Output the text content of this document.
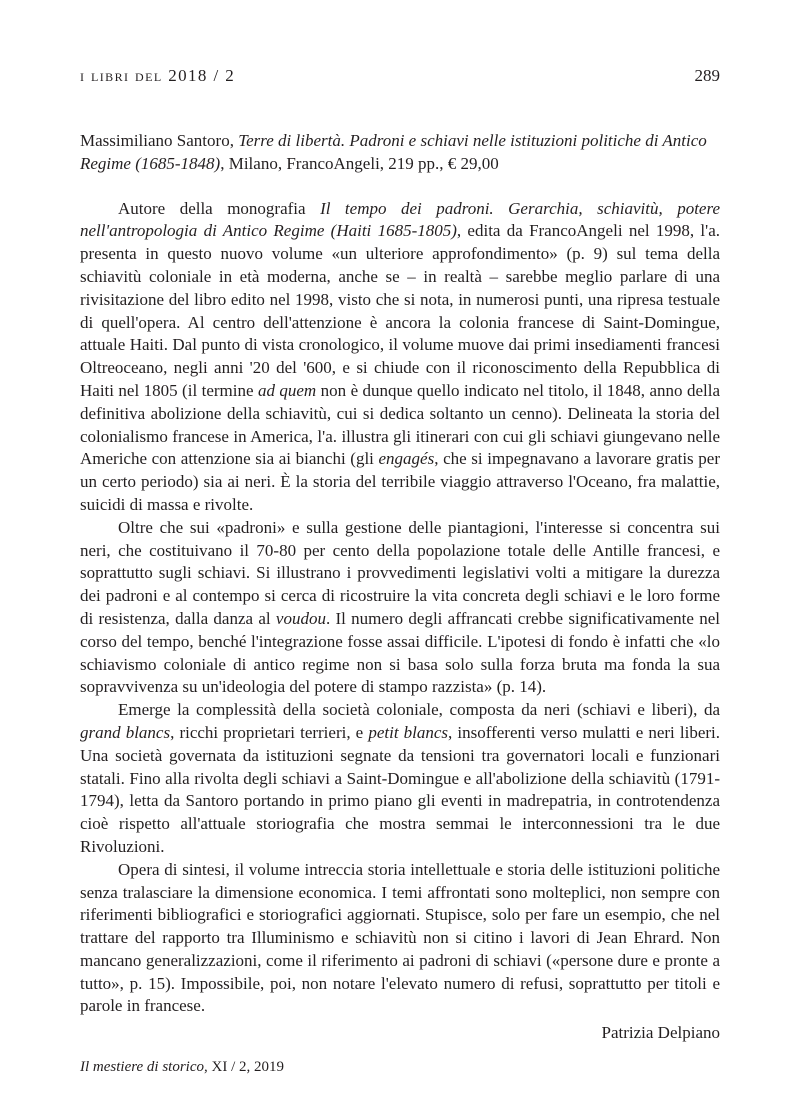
i libri del 2018 / 2	289

Massimiliano Santoro, Terre di libertà. Padroni e schiavi nelle istituzioni politiche di Antico Regime (1685-1848), Milano, FrancoAngeli, 219 pp., € 29,00

Autore della monografia Il tempo dei padroni. Gerarchia, schiavitù, potere nell'antropologia di Antico Regime (Haiti 1685-1805), edita da FrancoAngeli nel 1998, l'a. presenta in questo nuovo volume «un ulteriore approfondimento» (p. 9) sul tema della schiavitù coloniale in età moderna, anche se – in realtà – sarebbe meglio parlare di una rivisitazione del libro edito nel 1998, visto che si nota, in numerosi punti, una ripresa testuale di quell'opera. Al centro dell'attenzione è ancora la colonia francese di Saint-Domingue, attuale Haiti. Dal punto di vista cronologico, il volume muove dai primi insediamenti francesi Oltreoceano, negli anni '20 del '600, e si chiude con il riconoscimento della Repubblica di Haiti nel 1805 (il termine ad quem non è dunque quello indicato nel titolo, il 1848, anno della definitiva abolizione della schiavitù, cui si dedica soltanto un cenno). Delineata la storia del colonialismo francese in America, l'a. illustra gli itinerari con cui gli schiavi giungevano nelle Americhe con attenzione sia ai bianchi (gli engagés, che si impegnavano a lavorare gratis per un certo periodo) sia ai neri. È la storia del terribile viaggio attraverso l'Oceano, fra malattie, suicidi di massa e rivolte.

Oltre che sui «padroni» e sulla gestione delle piantagioni, l'interesse si concentra sui neri, che costituivano il 70-80 per cento della popolazione totale delle Antille francesi, e soprattutto sugli schiavi. Si illustrano i provvedimenti legislativi volti a mitigare la durezza dei padroni e al contempo si cerca di ricostruire la vita concreta degli schiavi e le loro forme di resistenza, dalla danza al voudou. Il numero degli affrancati crebbe significativamente nel corso del tempo, benché l'integrazione fosse assai difficile. L'ipotesi di fondo è infatti che «lo schiavismo coloniale di antico regime non si basa solo sulla forza bruta ma fonda la sua sopravvivenza su un'ideologia del potere di stampo razzista» (p. 14).

Emerge la complessità della società coloniale, composta da neri (schiavi e liberi), da grand blancs, ricchi proprietari terrieri, e petit blancs, insofferenti verso mulatti e neri liberi. Una società governata da istituzioni segnate da tensioni tra governatori locali e funzionari statali. Fino alla rivolta degli schiavi a Saint-Domingue e all'abolizione della schiavitù (1791-1794), letta da Santoro portando in primo piano gli eventi in madrepatria, in controtendenza cioè rispetto all'attuale storiografia che mostra semmai le interconnessioni tra le due Rivoluzioni.

Opera di sintesi, il volume intreccia storia intellettuale e storia delle istituzioni politiche senza tralasciare la dimensione economica. I temi affrontati sono molteplici, non sempre con riferimenti bibliografici e storiografici aggiornati. Stupisce, solo per fare un esempio, che nel trattare del rapporto tra Illuminismo e schiavitù non si citino i lavori di Jean Ehrard. Non mancano generalizzazioni, come il riferimento ai padroni di schiavi («persone dure e pronte a tutto», p. 15). Impossibile, poi, non notare l'elevato numero di refusi, soprattutto per titoli e parole in francese.

Patrizia Delpiano

Il mestiere di storico, XI / 2, 2019
